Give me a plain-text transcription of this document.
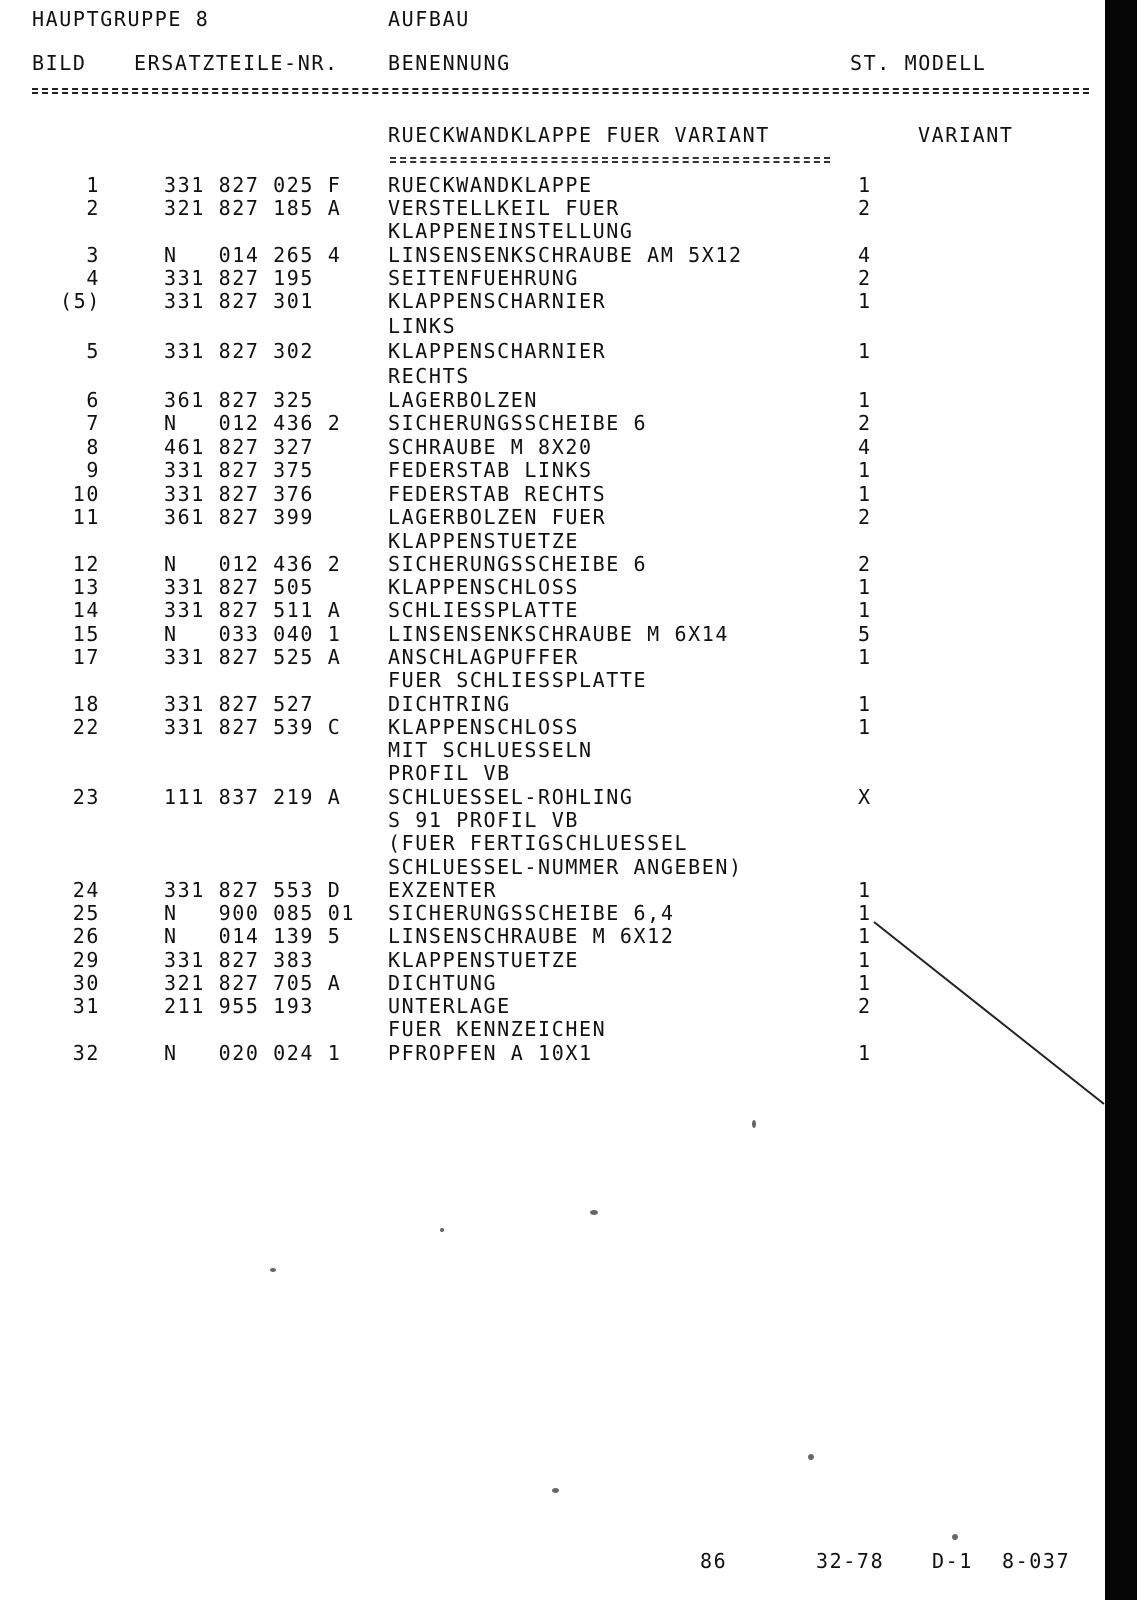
HAUPTGRUPPE 8	AUFBAU
BILD ERSATZTEILE-NR. BENENNUNG	ST. MODELL
RUECKWANDKLAPPE FUER VARIANT	VARIANT
1	331 827 025 F RUECKWANDKLAPPE	1
2	321 827 185 A VERSTELLKEIL FUER	2
KLAPPENEINSTELLUNG
3	N   014 265 4 LINSENSENKSCHRAUBE AM 5X12	4
4	331 827 195	SEITENFUEHRUNG	2
(5)	331 827 301	KLAPPENSCHARNIER	1
LINKS
5	331 827 302	KLAPPENSCHARNIER	1
RECHTS
6	361 827 325	LAGERBOLZEN	1
7	N   012 436 2 SICHERUNGSSCHEIBE 6	2
8	461 827 327	SCHRAUBE M 8X20	4
9	331 827 375	FEDERSTAB LINKS	1
10	331 827 376	FEDERSTAB RECHTS	1
11	361 827 399	LAGERBOLZEN FUER	2
KLAPPENSTUETZE
12	N   012 436 2 SICHERUNGSSCHEIBE 6	2
13	331 827 505	KLAPPENSCHLOSS	1
14	331 827 511 A SCHLIESSPLATTE	1
15	N   033 040 1 LINSENSENKSCHRAUBE M 6X14	5
17	331 827 525 A ANSCHLAGPUFFER	1
FUER SCHLIESSPLATTE
18	331 827 527	DICHTRING	1
22	331 827 539 C KLAPPENSCHLOSS	1
MIT SCHLUESSELN
PROFIL VB
23	111 837 219 A SCHLUESSEL-ROHLING	X
S 91 PROFIL VB
(FUER FERTIGSCHLUESSEL
SCHLUESSEL-NUMMER ANGEBEN)
24	331 827 553 D EXZENTER	1
25	N   900 085 01 SICHERUNGSSCHEIBE 6,4	1
26	N   014 139 5 LINSENSCHRAUBE M 6X12	1
29	331 827 383	KLAPPENSTUETZE	1
30	321 827 705 A DICHTUNG	1
31	211 955 193	UNTERLAGE	2
FUER KENNZEICHEN
32	N   020 024 1 PFROPFEN A 10X1	1
86	32-78 D-1 8-037
